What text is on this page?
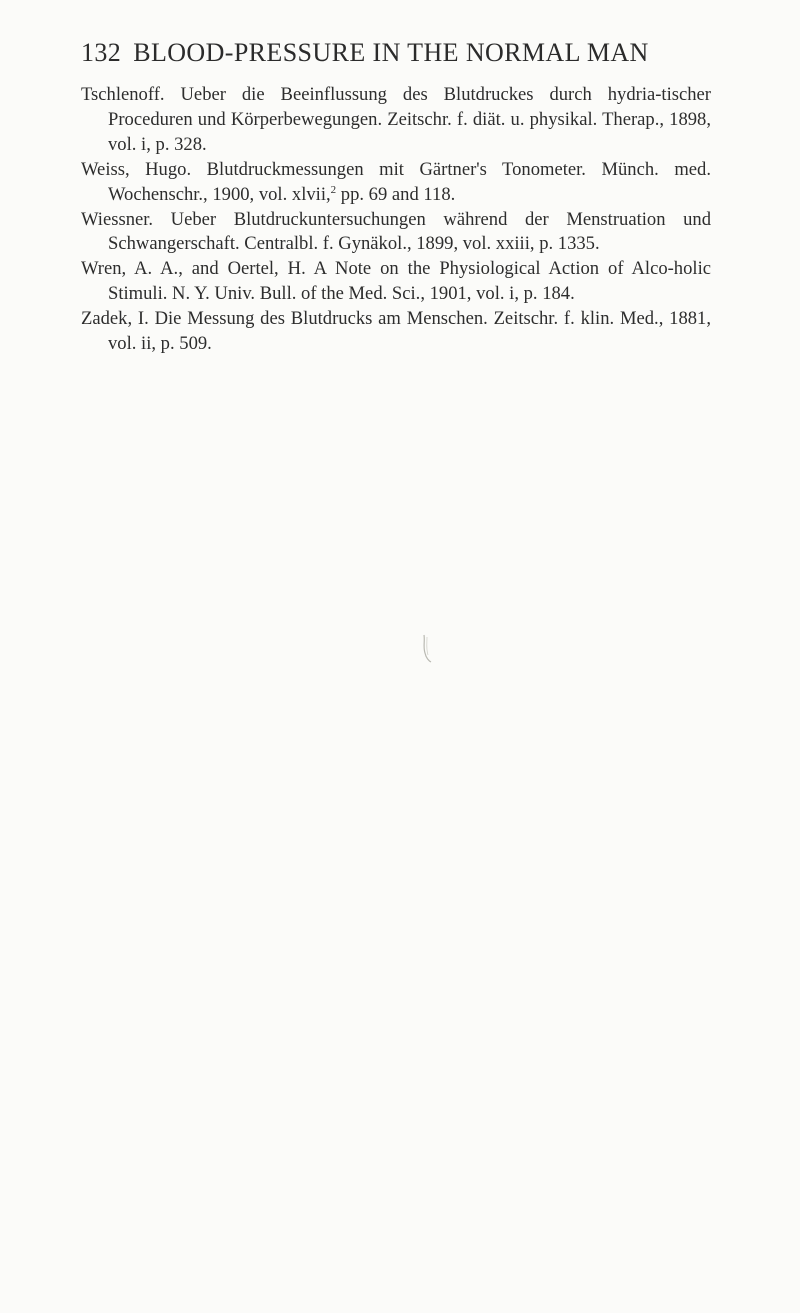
132 BLOOD-PRESSURE IN THE NORMAL MAN

Tschlenoff. Ueber die Beeinflussung des Blutdruckes durch hydria-tischer Proceduren und Körperbewegungen. Zeitschr. f. diät. u. physikal. Therap., 1898, vol. i, p. 328.

Weiss, Hugo. Blutdruckmessungen mit Gärtner's Tonometer. Münch. med. Wochenschr., 1900, vol. xlvii,$^2$ pp. 69 and 118.

Wiessner. Ueber Blutdruckuntersuchungen während der Menstruation und Schwangerschaft. Centralbl. f. Gynäkol., 1899, vol. xxiii, p. 1335.

Wren, A. A., and Oertel, H. A Note on the Physiological Action of Alco-holic Stimuli. N. Y. Univ. Bull. of the Med. Sci., 1901, vol. i, p. 184.

Zadek, I. Die Messung des Blutdrucks am Menschen. Zeitschr. f. klin. Med., 1881, vol. ii, p. 509.
